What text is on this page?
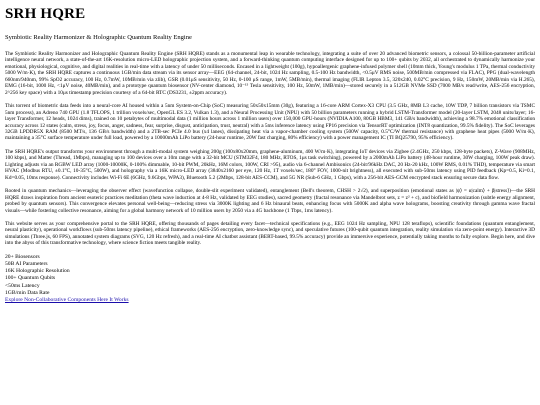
SRH HQRE

Symbiotic Reality Harmonizer & Holographic Quantum Reality Engine

The Symbiotic Reality Harmonizer and Holographic Quantum Reality Engine (SRH HQRE) stands as a monumental leap in wearable technology, integrating a suite of over 20 advanced biometric sensors, a colossal 50-billion-parameter artificial intelligence neural network, a state-of-the-art 16K-resolution micro-LED holographic projection system, and a forward-thinking quantum computing interface designed for up to 100+ qubits by 2032, all orchestrated to dynamically harmonize your emotional, physiological, cognitive, and digital realities in real-time with a latency of under 50 milliseconds. Encased in a lightweight (100g), hypoallergenic graphene-infused polymer shell (10mm thick, Young's modulus 1 TPa, thermal conductivity 5000 W/m·K), the SRH HQRE captures a continuous 1GB/min data stream via its sensor array—EEG (64-channel, 24-bit, 1024 Hz sampling, 0.5-100 Hz bandwidth, <0.5μV RMS noise, 500MB/min compressed via FLAC), PPG (dual-wavelength 660nm/940nm, 99% SpO2 accuracy, 100 Hz, 0.7mW, 10MB/min via zlib), GSR (0.01μS sensitivity, 50 Hz, 0-100 μS range, 1mW, 5MB/min), thermal imaging (FLIR Lepton 3.5, 320x240, 0.02°C precision, 9 Hz, 150mW, 20MB/min via H.265), EMG (16-bit, 1000 Hz, <1μV noise, 40MB/min), and a prototype quantum biosensor (NV-center diamond, 10⁻¹⁵ Tesla sensitivity, 100 Hz, 50mW, 1MB/min)—stored securely in a 512GB NVMe SSD (7000 MB/s read/write, AES-256 encryption, 2^256 key space) with a 10μs timestamp precision courtesy of a 64-bit RTC (DS3231, ±2ppm accuracy).

This torrent of biometric data feeds into a neural-core AI housed within a 5nm System-on-Chip (SoC) measuring 50x50x15mm (30g), featuring a 16-core ARM Cortex-X3 CPU (3.5 GHz, 8MB L3 cache, 10W TDP, 7 billion transistors via TSMC 5nm process), an Adreno 740 GPU (1.8 TFLOPS, 1 trillion voxels/sec, OpenGL ES 3.2, Vulkan 1.3), and a Neural Processing Unit (NPU) with 50 billion parameters running a hybrid LSTM-Transformer model (20-layer LSTM, 2048 units/layer; 16-layer Transformer, 12 heads, 1024 dims), trained on 10 petabytes of multimodal data (1 million hours across 1 million users) over 150,000 GPU-hours (NVIDIA A100, 80GB HBM3, 141 GB/s bandwidth), achieving a 98.7% emotional classification accuracy across 12 states (calm, stress, joy, focus, anger, sadness, fear, surprise, disgust, anticipation, trust, neutral) with a 5ms inference latency using FP16 precision via TensorRT optimization (INT8 quantization, 99.5% fidelity). The SoC leverages 32GB LPDDR5X RAM (8500 MT/s, 136 GB/s bandwidth) and a 2TB-sec PCIe 4.0 bus (x4 lanes), dissipating heat via a vapor-chamber cooling system (500W capacity, 0.5°C/W thermal resistance) with graphene heat pipes (5000 W/m·K), maintaining a 35°C surface temperature under full load, powered by a 10000mAh LiPo battery (24-hour runtime, 20W fast charging, 80% efficiency) with a power management IC (TI BQ25790, 95% efficiency).

The SRH HQRE's output transforms your environment through a multi-modal system weighing 200g (100x80x20mm, graphene-aluminum, 400 W/m·K), integrating IoT devices via Zigbee (2.4GHz, 250 kbps, 128-byte packets), Z-Wave (908MHz, 100 kbps), and Matter (Thread, 1Mbps), managing up to 100 devices over a 10m range with a 32-bit MCU (STM32F4, 180 MHz, RTOS, 1μs task switching), powered by a 2000mAh LiPo battery (48-hour runtime, 30W charging, 100W peak draw). Lighting adjusts via an RGBW LED array (1000-10000K, 0-100% dimmable, 10-bit PWM, 20kHz, 16M colors, 100W, CRI >95), audio via 6-channel Ambisonics (24-bit/96kHz DAC, 20 Hz-20 kHz, 100W RMS, 0.01% THD), temperature via smart HVAC (Modbus RTU, ±0.1°C, 10-35°C, 500W), and holography via a 16K micro-LED array (3840x2160 per eye, 120 Hz, 1T voxels/sec, 180° FOV, 1000-nit brightness), all executed with sub-50ms latency using PID feedback (Kp=0.5, Ki=0.1, Kd=0.05, 10ms response). Connectivity includes Wi-Fi 6E (6GHz, 9.6Gbps, WPA3), Bluetooth 5.2 (2Mbps, 128-bit AES-CCM), and 5G NR (Sub-6 GHz, 1 Gbps), with a 256-bit AES-GCM encrypted stack ensuring secure data flow.

Rooted in quantum mechanics—leveraging the observer effect (wavefunction collapse, double-slit experiment validated), entanglement (Bell's theorem, CHSH > 2√2), and superposition (emotional states as |ψ⟩ = α|calm⟩ + β|stress⟩)—the SRH HQRE draws inspiration from ancient esoteric practices meditation (theta wave induction at 4-8 Hz, validated by EEG studies), sacred geometry (fractal resonance via Mandelbrot sets, z = z² + c), and biofield harmonization (subtle energy alignment, probed by quantum sensors). This convergence elevates personal well-being—reducing stress via 3000K lighting and 6 Hz binaural beats, enhancing focus with 5000K and alpha wave holograms, boosting creativity through gamma wave fractal visuals—while fostering collective resonance, aiming for a global harmony network of 10 million users by 2050 via a 4G backbone (1 Tbps, 1ms latency).

This website serves as your comprehensive portal to the SRH HQRE, offering thousands of pages detailing every facet—technical specifications (e.g., EEG 1024 Hz sampling, NPU 128 teraflops), scientific foundations (quantum entanglement, neural plasticity), operational workflows (sub-50ms latency pipeline), ethical frameworks (AES-256 encryption, zero-knowledge sync), and speculative futures (100-qubit quantum integration, reality simulation via zero-point energy). Interactive 3D simulations (Three.js, 60 FPS), annotated system diagrams (SVG, 120 Hz refresh), and a real-time AI chatbot assistant (BERT-based, 99.5% accuracy) provide an immersive experience, potentially taking months to fully explore. Begin here, and dive into the abyss of this transformative technology, where science fiction meets tangible reality.

20+ Biosensors
50B AI Parameters
16K Holographic Resolution
100+ Quantum Qubits
<50ms Latency
1GB/min Data Rate
Explore Non-Collaborative Components Here It Works
